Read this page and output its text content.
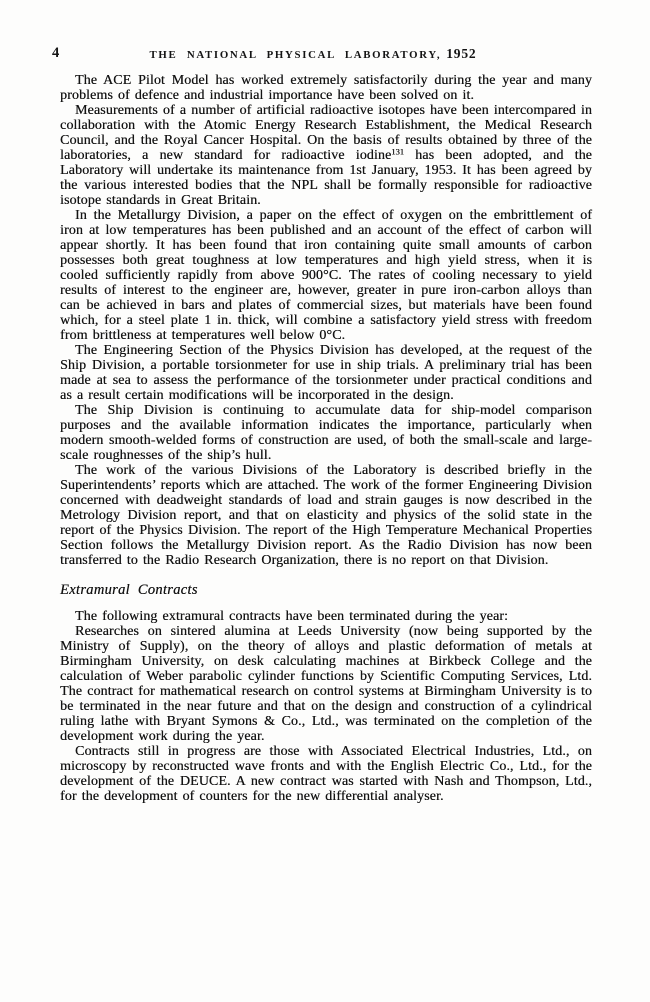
4	THE NATIONAL PHYSICAL LABORATORY, 1952

The ACE Pilot Model has worked extremely satisfactorily during the year and many problems of defence and industrial importance have been solved on it.

Measurements of a number of artificial radioactive isotopes have been intercompared in collaboration with the Atomic Energy Research Establishment, the Medical Research Council, and the Royal Cancer Hospital. On the basis of results obtained by three of the laboratories, a new standard for radioactive iodine$^{131}$ has been adopted, and the Laboratory will undertake its maintenance from 1st January, 1953. It has been agreed by the various interested bodies that the NPL shall be formally responsible for radioactive isotope standards in Great Britain.

In the Metallurgy Division, a paper on the effect of oxygen on the embrittlement of iron at low temperatures has been published and an account of the effect of carbon will appear shortly. It has been found that iron containing quite small amounts of carbon possesses both great toughness at low temperatures and high yield stress, when it is cooled sufficiently rapidly from above 900°C. The rates of cooling necessary to yield results of interest to the engineer are, however, greater in pure iron-carbon alloys than can be achieved in bars and plates of commercial sizes, but materials have been found which, for a steel plate 1 in. thick, will combine a satisfactory yield stress with freedom from brittleness at temperatures well below 0°C.

The Engineering Section of the Physics Division has developed, at the request of the Ship Division, a portable torsionmeter for use in ship trials. A preliminary trial has been made at sea to assess the performance of the torsionmeter under practical conditions and as a result certain modifications will be incorporated in the design.

The Ship Division is continuing to accumulate data for ship-model comparison purposes and the available information indicates the importance, particularly when modern smooth-welded forms of construction are used, of both the small-scale and large-scale roughnesses of the ship’s hull.

The work of the various Divisions of the Laboratory is described briefly in the Superintendents’ reports which are attached. The work of the former Engineering Division concerned with deadweight standards of load and strain gauges is now described in the Metrology Division report, and that on elasticity and physics of the solid state in the report of the Physics Division. The report of the High Temperature Mechanical Properties Section follows the Metallurgy Division report. As the Radio Division has now been transferred to the Radio Research Organization, there is no report on that Division.

Extramural Contracts

The following extramural contracts have been terminated during the year:

Researches on sintered alumina at Leeds University (now being supported by the Ministry of Supply), on the theory of alloys and plastic deformation of metals at Birmingham University, on desk calculating machines at Birkbeck College and the calculation of Weber parabolic cylinder functions by Scientific Computing Services, Ltd. The contract for mathematical research on control systems at Birmingham University is to be terminated in the near future and that on the design and construction of a cylindrical ruling lathe with Bryant Symons & Co., Ltd., was terminated on the completion of the development work during the year.

Contracts still in progress are those with Associated Electrical Industries, Ltd., on microscopy by reconstructed wave fronts and with the English Electric Co., Ltd., for the development of the DEUCE. A new contract was started with Nash and Thompson, Ltd., for the development of counters for the new differential analyser.
